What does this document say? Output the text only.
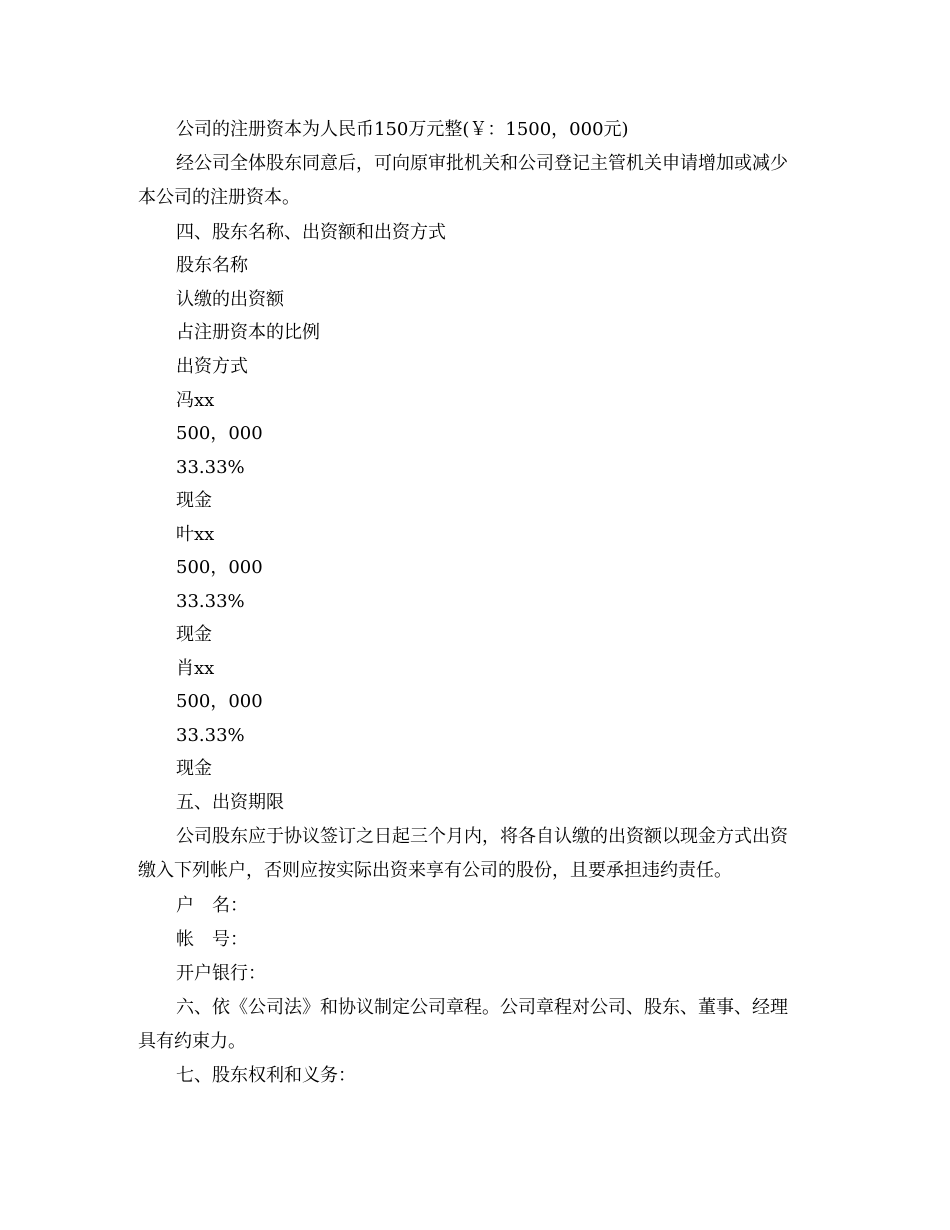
公司的注册资本为人民币150万元整(￥：1500，000元)
经公司全体股东同意后，可向原审批机关和公司登记主管机关申请增加或减少
本公司的注册资本。
四、股东名称、出资额和出资方式
股东名称
认缴的出资额
占注册资本的比例
出资方式
冯xx
500，000
33.33%
现金
叶xx
500，000
33.33%
现金
肖xx
500，000
33.33%
现金
五、出资期限
公司股东应于协议签订之日起三个月内，将各自认缴的出资额以现金方式出资
缴入下列帐户，否则应按实际出资来享有公司的股份，且要承担违约责任。
户　名：
帐　号：
开户银行：
六、依《公司法》和协议制定公司章程。公司章程对公司、股东、董事、经理
具有约束力。
七、股东权利和义务：
